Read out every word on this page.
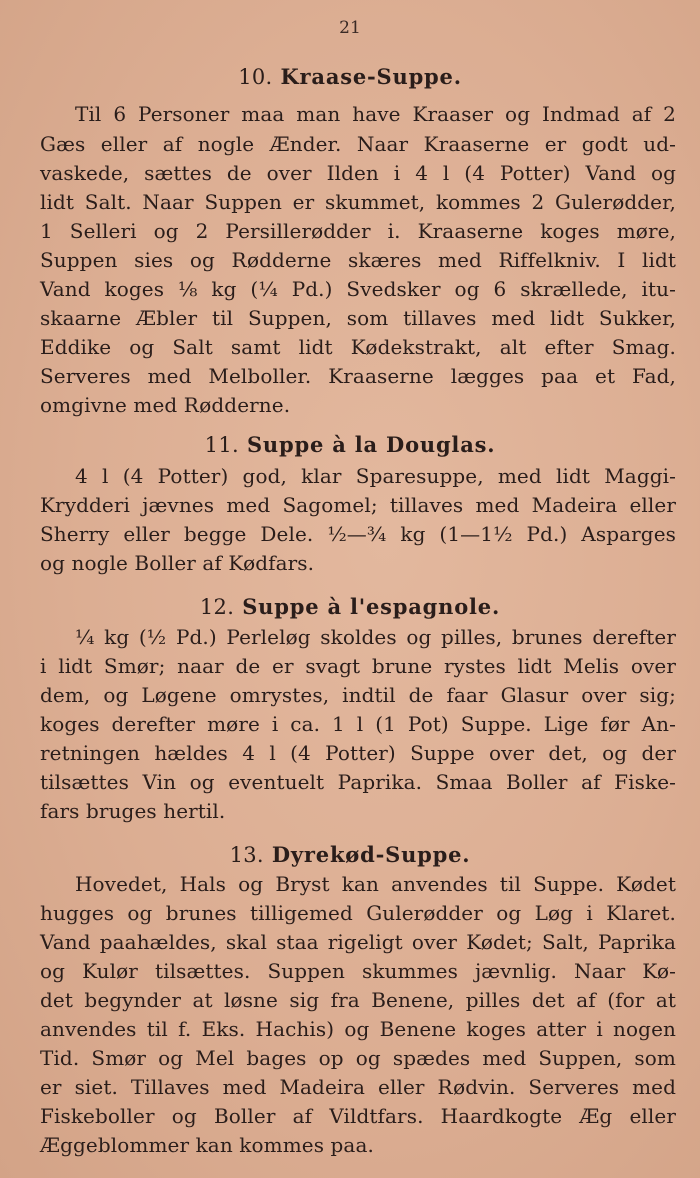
21
10. Kraase-Suppe.
Til 6 Personer maa man have Kraaser og Indmad af 2
Gæs eller af nogle Ænder. Naar Kraaserne er godt ud-
vaskede, sættes de over Ilden i 4 l (4 Potter) Vand og
lidt Salt. Naar Suppen er skummet, kommes 2 Gulerødder,
1 Selleri og 2 Persillerødder i. Kraaserne koges møre,
Suppen sies og Rødderne skæres med Riffelkniv. I lidt
Vand koges ⅛ kg (¼ Pd.) Svedsker og 6 skrællede, itu-
skaarne Æbler til Suppen, som tillaves med lidt Sukker,
Eddike og Salt samt lidt Kødekstrakt, alt efter Smag.
Serveres med Melboller. Kraaserne lægges paa et Fad,
omgivne med Rødderne.
11. Suppe à la Douglas.
4 l (4 Potter) god, klar Sparesuppe, med lidt Maggi-
Krydderi jævnes med Sagomel; tillaves med Madeira eller
Sherry eller begge Dele. ½—¾ kg (1—1½ Pd.) Asparges
og nogle Boller af Kødfars.
12. Suppe à l'espagnole.
¼ kg (½ Pd.) Perleløg skoldes og pilles, brunes derefter
i lidt Smør; naar de er svagt brune rystes lidt Melis over
dem, og Løgene omrystes, indtil de faar Glasur over sig;
koges derefter møre i ca. 1 l (1 Pot) Suppe. Lige før An-
retningen hældes 4 l (4 Potter) Suppe over det, og der
tilsættes Vin og eventuelt Paprika. Smaa Boller af Fiske-
fars bruges hertil.
13. Dyrekød-Suppe.
Hovedet, Hals og Bryst kan anvendes til Suppe. Kødet
hugges og brunes tilligemed Gulerødder og Løg i Klaret.
Vand paahældes, skal staa rigeligt over Kødet; Salt, Paprika
og Kulør tilsættes. Suppen skummes jævnlig. Naar Kø-
det begynder at løsne sig fra Benene, pilles det af (for at
anvendes til f. Eks. Hachis) og Benene koges atter i nogen
Tid. Smør og Mel bages op og spædes med Suppen, som
er siet. Tillaves med Madeira eller Rødvin. Serveres med
Fiskeboller og Boller af Vildtfars. Haardkogte Æg eller
Æggeblommer kan kommes paa.
